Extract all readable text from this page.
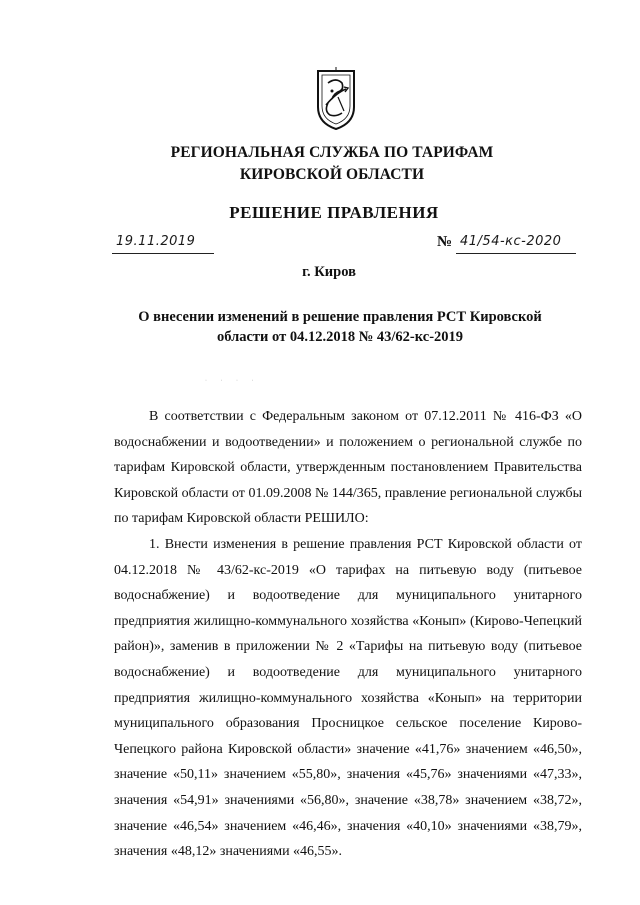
РЕГИОНАЛЬНАЯ СЛУЖБА ПО ТАРИФАМ
КИРОВСКОЙ ОБЛАСТИ
РЕШЕНИЕ ПРАВЛЕНИЯ
19.11.2019	№ 41/54-кс-2020
г. Киров
О внесении изменений в решение правления РСТ Кировской
области от 04.12.2018 № 43/62-кс-2019
· · · ·

В соответствии с Федеральным законом от 07.12.2011 № 416-ФЗ «О водоснабжении и водоотведении» и положением о региональной службе по тарифам Кировской области, утвержденным постановлением Правительства Кировской области от 01.09.2008 № 144/365, правление региональной службы по тарифам Кировской области РЕШИЛО:

1. Внести изменения в решение правления РСТ Кировской области от 04.12.2018 № 43/62-кс-2019 «О тарифах на питьевую воду (питьевое водоснабжение) и водоотведение для муниципального унитарного предприятия жилищно-коммунального хозяйства «Конып» (Кирово-Чепецкий район)», заменив в приложении № 2 «Тарифы на питьевую воду (питьевое водоснабжение) и водоотведение для муниципального унитарного предприятия жилищно-коммунального хозяйства «Конып» на территории муниципального образования Просницкое сельское поселение Кирово-Чепецкого района Кировской области» значение «41,76» значением «46,50», значение «50,11» значением «55,80», значения «45,76» значениями «47,33», значения «54,91» значениями «56,80», значение «38,78» значением «38,72», значение «46,54» значением «46,46», значения «40,10» значениями «38,79», значения «48,12» значениями «46,55».
